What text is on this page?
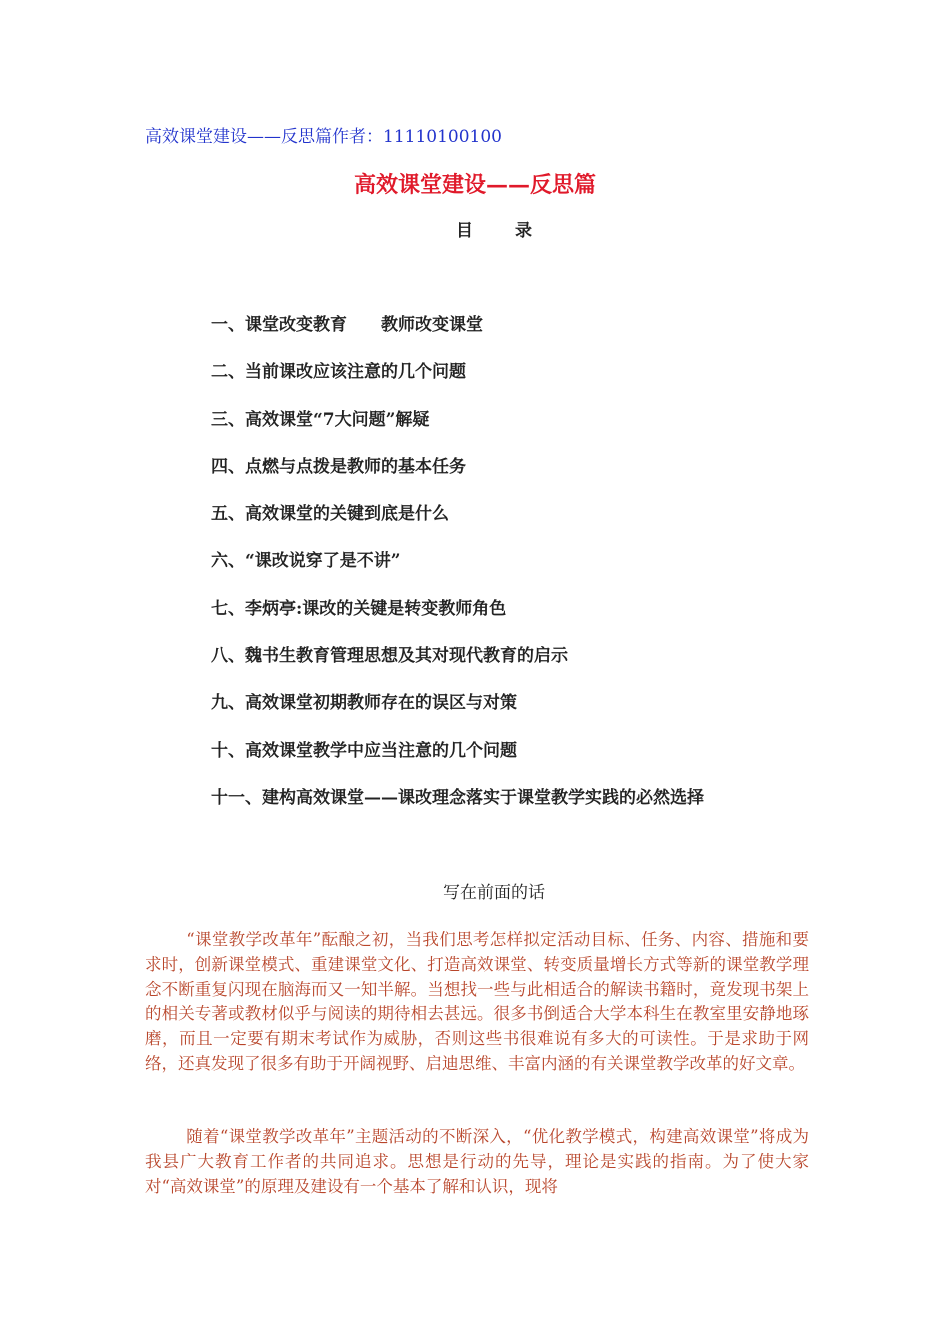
高效课堂建设——反思篇作者：11110100100
高效课堂建设——反思篇
目 录
一、课堂改变教育　　教师改变课堂
二、当前课改应该注意的几个问题
三、高效课堂“7大问题”解疑
四、点燃与点拨是教师的基本任务
五、高效课堂的关键到底是什么
六、“课改说穿了是不讲”
七、李炳亭:课改的关键是转变教师角色
八、魏书生教育管理思想及其对现代教育的启示
九、高效课堂初期教师存在的误区与对策
十、高效课堂教学中应当注意的几个问题
十一、建构高效课堂——课改理念落实于课堂教学实践的必然选择
写在前面的话

“课堂教学改革年”酝酿之初，当我们思考怎样拟定活动目标、任务、内容、措施和要求时，创新课堂模式、重建课堂文化、打造高效课堂、转变质量增长方式等新的课堂教学理念不断重复闪现在脑海而又一知半解。当想找一些与此相适合的解读书籍时，竟发现书架上的相关专著或教材似乎与阅读的期待相去甚远。很多书倒适合大学本科生在教室里安静地琢磨，而且一定要有期末考试作为威胁，否则这些书很难说有多大的可读性。于是求助于网络，还真发现了很多有助于开阔视野、启迪思维、丰富内涵的有关课堂教学改革的好文章。

随着“课堂教学改革年”主题活动的不断深入，“优化教学模式，构建高效课堂”将成为我县广大教育工作者的共同追求。思想是行动的先导，理论是实践的指南。为了使大家对“高效课堂”的原理及建设有一个基本了解和认识，现将
